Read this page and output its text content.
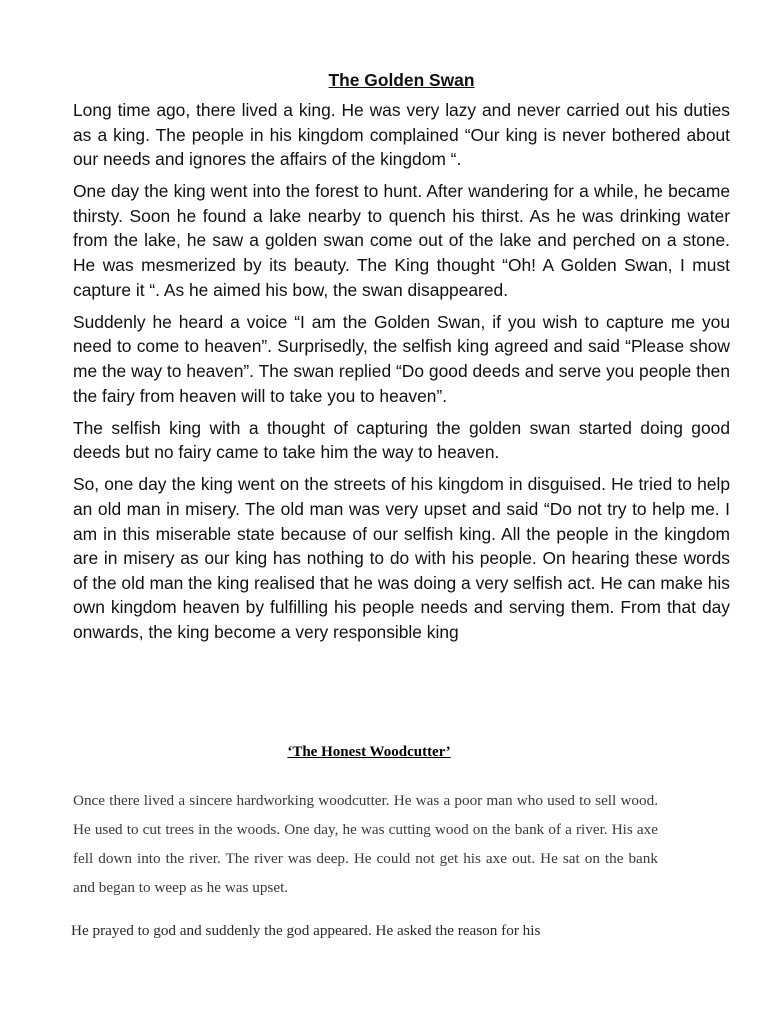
The Golden Swan

Long time ago, there lived a king. He was very lazy and never carried out his duties as a king. The people in his kingdom complained “Our king is never bothered about our needs and ignores the affairs of the kingdom “.

One day the king went into the forest to hunt. After wandering for a while, he became thirsty. Soon he found a lake nearby to quench his thirst. As he was drinking water from the lake, he saw a golden swan come out of the lake and perched on a stone. He was mesmerized by its beauty. The King thought “Oh! A Golden Swan, I must capture it “. As he aimed his bow, the swan disappeared.

Suddenly he heard a voice “I am the Golden Swan, if you wish to capture me you need to come to heaven”. Surprisedly, the selfish king agreed and said “Please show me the way to heaven”. The swan replied “Do good deeds and serve you people then the fairy from heaven will to take you to heaven”.

The selfish king with a thought of capturing the golden swan started doing good deeds but no fairy came to take him the way to heaven.

So, one day the king went on the streets of his kingdom in disguised. He tried to help an old man in misery. The old man was very upset and said “Do not try to help me. I am in this miserable state because of our selfish king. All the people in the kingdom are in misery as our king has nothing to do with his people. On hearing these words of the old man the king realised that he was doing a very selfish act. He can make his own kingdom heaven by fulfilling his people needs and serving them. From that day onwards, the king become a very responsible king

‘The Honest Woodcutter’

Once there lived a sincere hardworking woodcutter. He was a poor man who used to sell wood. He used to cut trees in the woods. One day, he was cutting wood on the bank of a river. His axe fell down into the river. The river was deep. He could not get his axe out. He sat on the bank and began to weep as he was upset.

He prayed to god and suddenly the god appeared. He asked the reason for his
